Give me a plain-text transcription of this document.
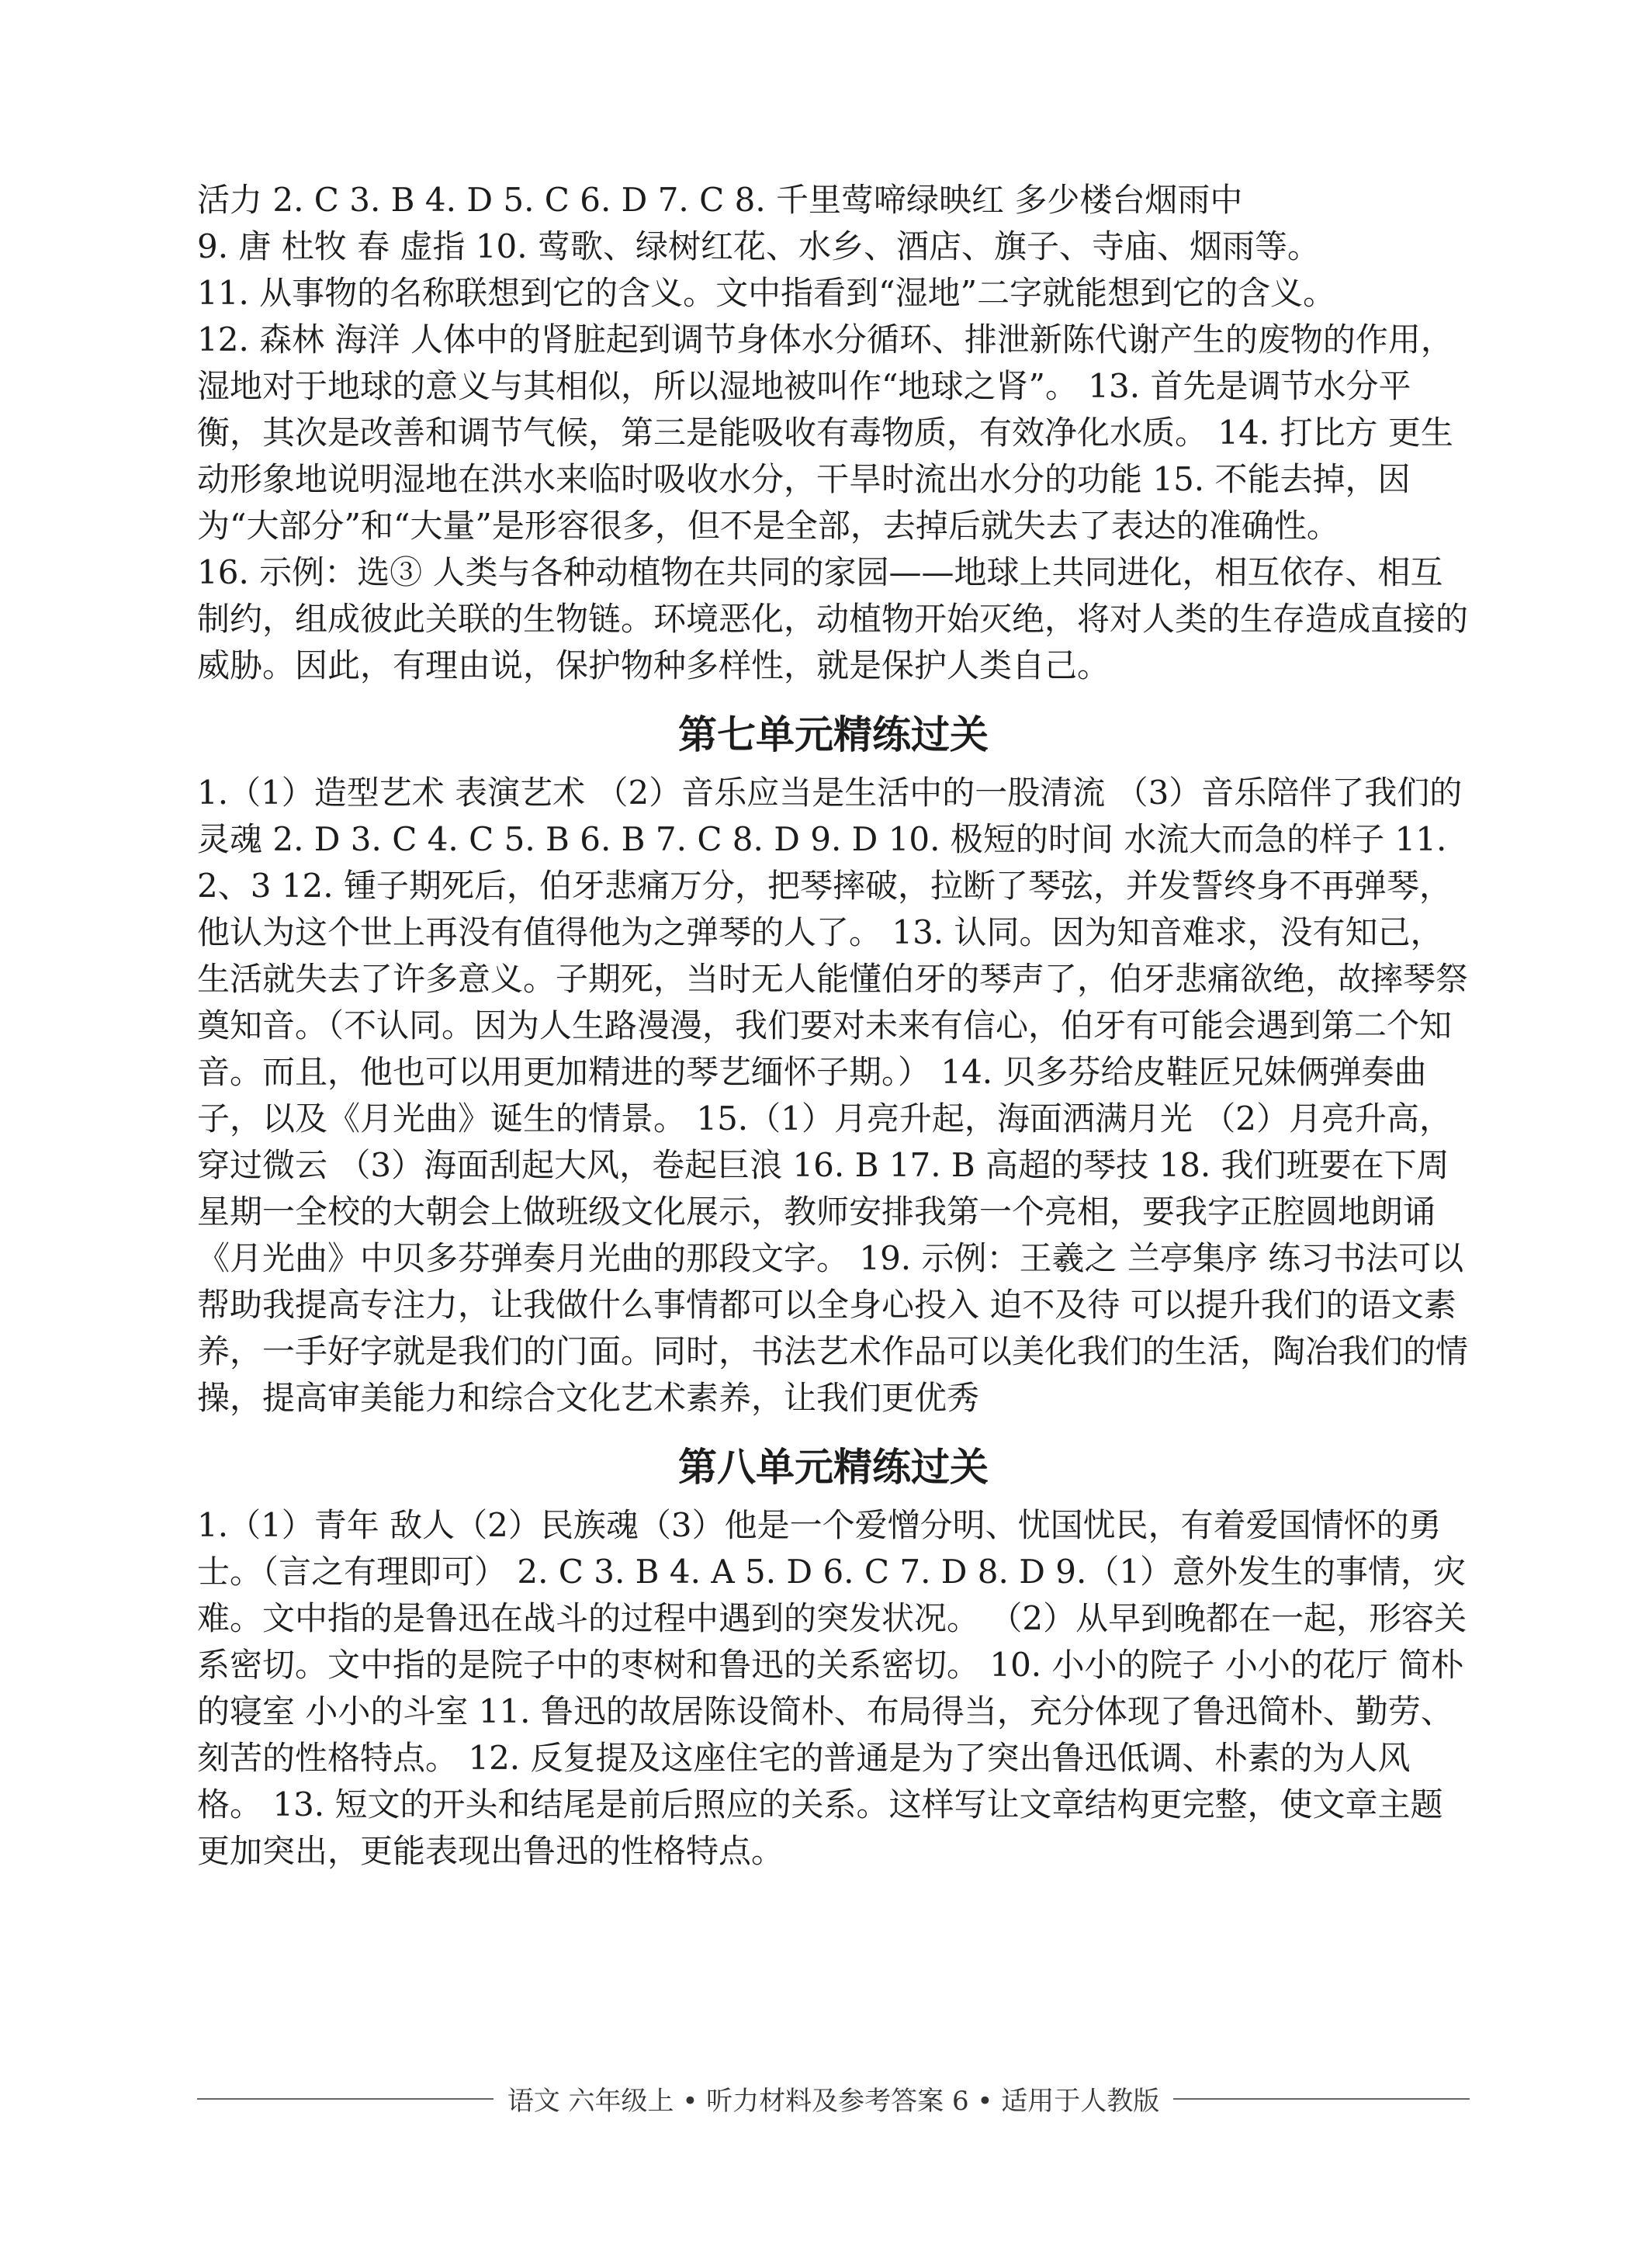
活力 2. C 3. B 4. D 5. C 6. D 7. C 8. 千里莺啼绿映红 多少楼台烟雨中

9. 唐 杜牧 春 虚指 10. 莺歌、绿树红花、水乡、酒店、旗子、寺庙、烟雨等。

11. 从事物的名称联想到它的含义。文中指看到“湿地”二字就能想到它的含义。

12. 森林 海洋 人体中的肾脏起到调节身体水分循环、排泄新陈代谢产生的废物的作用，湿地对于地球的意义与其相似，所以湿地被叫作“地球之肾”。 13. 首先是调节水分平衡，其次是改善和调节气候，第三是能吸收有毒物质，有效净化水质。 14. 打比方 更生动形象地说明湿地在洪水来临时吸收水分，干旱时流出水分的功能 15. 不能去掉，因为“大部分”和“大量”是形容很多，但不是全部，去掉后就失去了表达的准确性。

16. 示例：选③ 人类与各种动植物在共同的家园——地球上共同进化，相互依存、相互制约，组成彼此关联的生物链。环境恶化，动植物开始灭绝，将对人类的生存造成直接的威胁。因此，有理由说，保护物种多样性，就是保护人类自己。

第七单元精练过关

1.（1）造型艺术 表演艺术 （2）音乐应当是生活中的一股清流 （3）音乐陪伴了我们的灵魂 2. D 3. C 4. C 5. B 6. B 7. C 8. D 9. D 10. 极短的时间 水流大而急的样子 11. 2、3 12. 锺子期死后，伯牙悲痛万分，把琴摔破，拉断了琴弦，并发誓终身不再弹琴，他认为这个世上再没有值得他为之弹琴的人了。 13. 认同。因为知音难求，没有知己，生活就失去了许多意义。子期死，当时无人能懂伯牙的琴声了，伯牙悲痛欲绝，故摔琴祭奠知音。（不认同。因为人生路漫漫，我们要对未来有信心，伯牙有可能会遇到第二个知音。而且，他也可以用更加精进的琴艺缅怀子期。） 14. 贝多芬给皮鞋匠兄妹俩弹奏曲子，以及《月光曲》诞生的情景。 15.（1）月亮升起，海面洒满月光 （2）月亮升高，穿过微云 （3）海面刮起大风，卷起巨浪 16. B 17. B 高超的琴技 18. 我们班要在下周星期一全校的大朝会上做班级文化展示，教师安排我第一个亮相，要我字正腔圆地朗诵《月光曲》中贝多芬弹奏月光曲的那段文字。 19. 示例：王羲之 兰亭集序 练习书法可以帮助我提高专注力，让我做什么事情都可以全身心投入 迫不及待 可以提升我们的语文素养，一手好字就是我们的门面。同时，书法艺术作品可以美化我们的生活，陶冶我们的情操，提高审美能力和综合文化艺术素养，让我们更优秀

第八单元精练过关

1.（1）青年 敌人（2）民族魂（3）他是一个爱憎分明、忧国忧民，有着爱国情怀的勇士。（言之有理即可） 2. C 3. B 4. A 5. D 6. C 7. D 8. D 9.（1）意外发生的事情，灾难。文中指的是鲁迅在战斗的过程中遇到的突发状况。 （2）从早到晚都在一起，形容关系密切。文中指的是院子中的枣树和鲁迅的关系密切。 10. 小小的院子 小小的花厅 简朴的寝室 小小的斗室 11. 鲁迅的故居陈设简朴、布局得当，充分体现了鲁迅简朴、勤劳、刻苦的性格特点。 12. 反复提及这座住宅的普通是为了突出鲁迅低调、朴素的为人风格。 13. 短文的开头和结尾是前后照应的关系。这样写让文章结构更完整，使文章主题更加突出，更能表现出鲁迅的性格特点。

语文 六年级上 • 听力材料及参考答案 6 • 适用于人教版
